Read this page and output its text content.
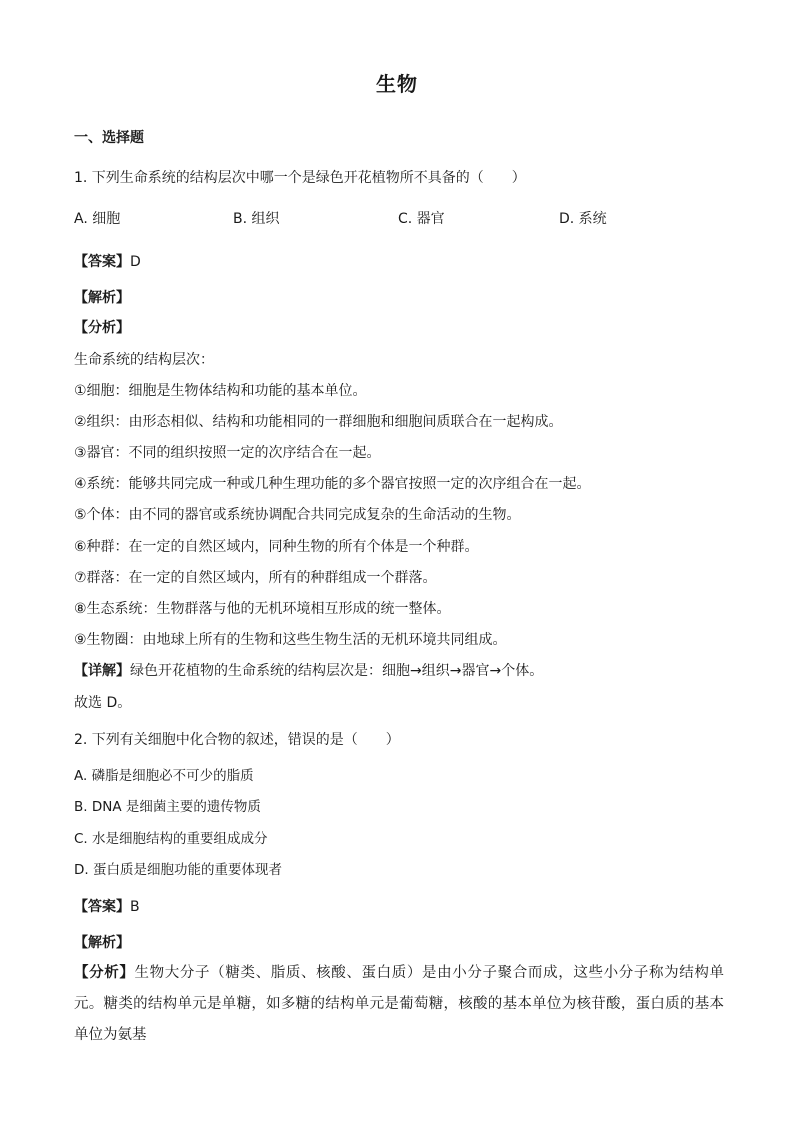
生物
一、选择题
1. 下列生命系统的结构层次中哪一个是绿色开花植物所不具备的（　　）
A. 细胞	B. 组织	C. 器官	D. 系统
【答案】D
【解析】
【分析】
生命系统的结构层次：
①细胞：细胞是生物体结构和功能的基本单位。
②组织：由形态相似、结构和功能相同的一群细胞和细胞间质联合在一起构成。
③器官：不同的组织按照一定的次序结合在一起。
④系统：能够共同完成一种或几种生理功能的多个器官按照一定的次序组合在一起。
⑤个体：由不同的器官或系统协调配合共同完成复杂的生命活动的生物。
⑥种群：在一定的自然区域内，同种生物的所有个体是一个种群。
⑦群落：在一定的自然区域内，所有的种群组成一个群落。
⑧生态系统：生物群落与他的无机环境相互形成的统一整体。
⑨生物圈：由地球上所有的生物和这些生物生活的无机环境共同组成。
【详解】绿色开花植物的生命系统的结构层次是：细胞→组织→器官→个体。
故选 D。
2. 下列有关细胞中化合物的叙述，错误的是（　　）
A. 磷脂是细胞必不可少的脂质
B. DNA 是细菌主要的遗传物质
C. 水是细胞结构的重要组成成分
D. 蛋白质是细胞功能的重要体现者
【答案】B
【解析】
【分析】生物大分子（糖类、脂质、核酸、蛋白质）是由小分子聚合而成，这些小分子称为结构单元。糖类的结构单元是单糖，如多糖的结构单元是葡萄糖，核酸的基本单位为核苷酸，蛋白质的基本单位为氨基
